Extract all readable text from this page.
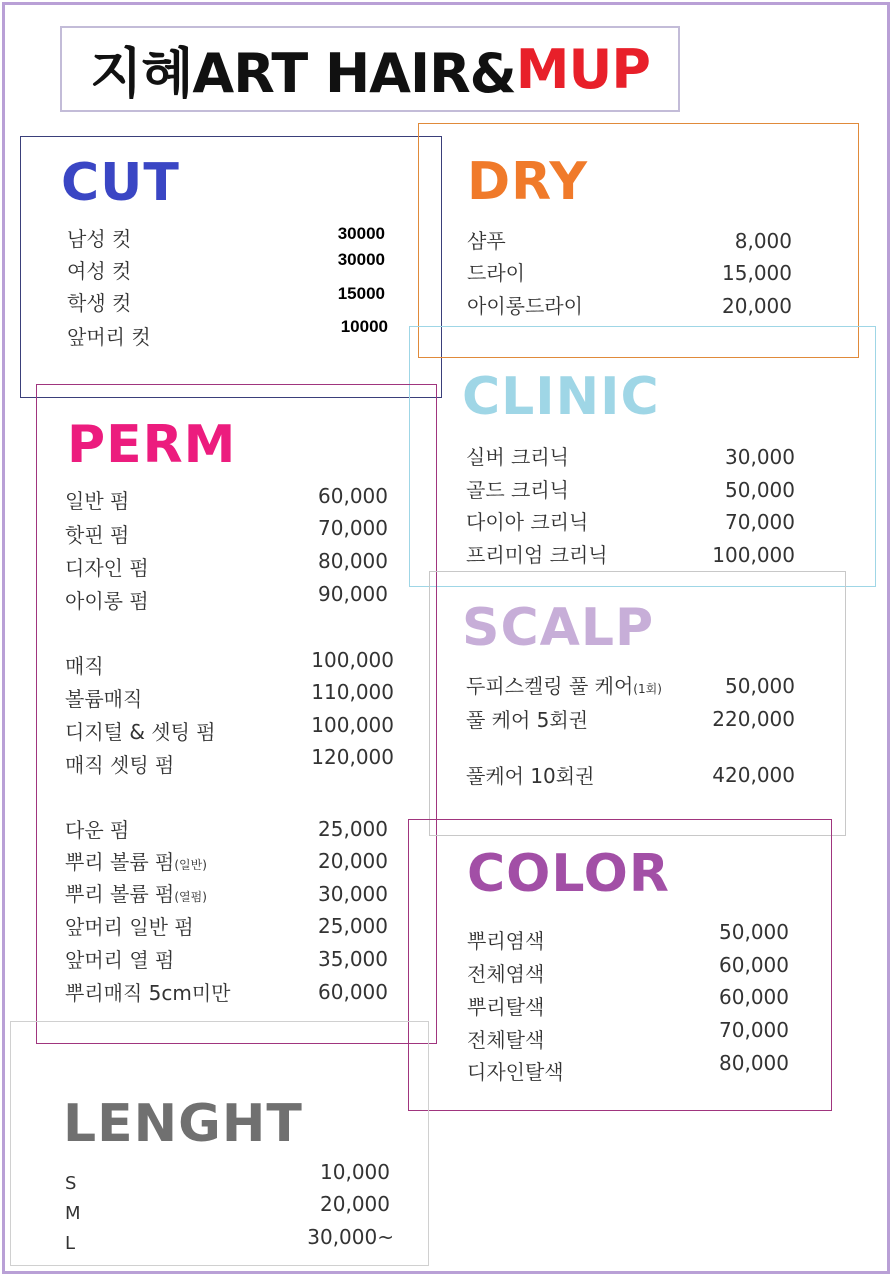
지혜ART HAIR& MUP
CUT
남성 컷	30000
여성 컷	30000
학생 컷	15000
앞머리 컷	10000
DRY
샴푸	8,000
드라이	15,000
아이롱드라이	20,000
CLINIC
실버 크리닉	30,000
골드 크리닉	50,000
다이아 크리닉	70,000
프리미엄 크리닉	100,000
PERM
일반 펌	60,000
핫핀 펌	70,000
디자인 펌	80,000
아이롱 펌	90,000
매직	100,000
볼륨매직	110,000
디지털 & 셋팅 펌	100,000
매직 셋팅 펌	120,000
다운 펌	25,000
뿌리 볼륨 펌(일반)	20,000
뿌리 볼륨 펌(열펌)	30,000
앞머리 일반 펌	25,000
앞머리 열 펌	35,000
뿌리매직 5cm미만	60,000
SCALP
두피스켈링 풀 케어(1회)	50,000
풀 케어 5회권	220,000
풀케어 10회권	420,000
COLOR
뿌리염색	50,000
전체염색	60,000
뿌리탈색	60,000
전체탈색	70,000
디자인탈색	80,000
LENGHT
S	10,000
M	20,000
L	30,000~
